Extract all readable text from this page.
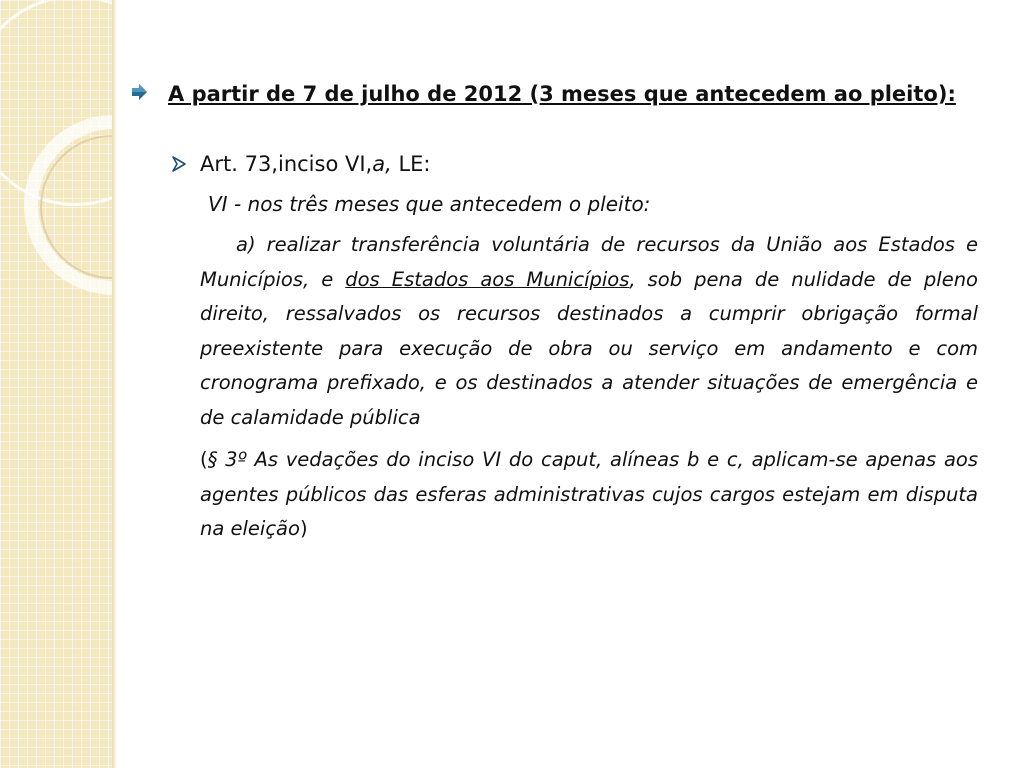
A partir de 7 de julho de 2012 (3 meses que antecedem ao pleito):

Art. 73,inciso VI, a, LE:
VI - nos três meses que antecedem o pleito:
a) realizar transferência voluntária de recursos da União aos Estados e Municípios, e dos Estados aos Municípios, sob pena de nulidade de pleno direito, ressalvados os recursos destinados a cumprir obrigação formal preexistente para execução de obra ou serviço em andamento e com cronograma prefixado, e os destinados a atender situações de emergência e de calamidade pública
(§ 3º As vedações do inciso VI do caput, alíneas b e c, aplicam-se apenas aos agentes públicos das esferas administrativas cujos cargos estejam em disputa na eleição)
